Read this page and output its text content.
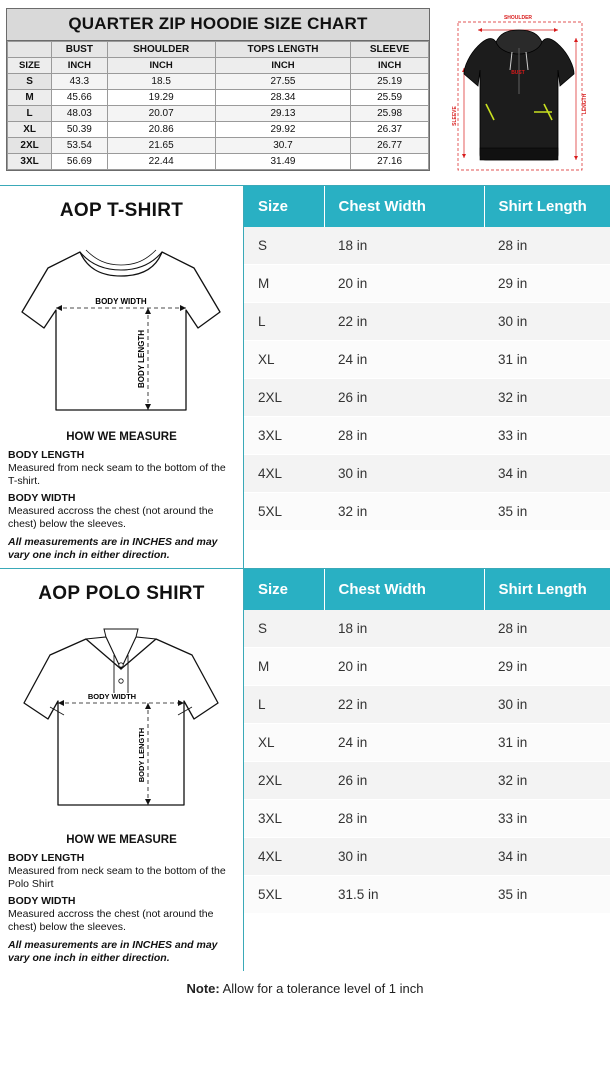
QUARTER ZIP HOODIE SIZE CHART
	BUST	SHOULDER	TOPS LENGTH	SLEEVE
SIZE	INCH	INCH	INCH	INCH
S	43.3	18.5	27.55	25.19
M	45.66	19.29	28.34	25.59
L	48.03	20.07	29.13	25.98
XL	50.39	20.86	29.92	26.37
2XL	53.54	21.65	30.7	26.77
3XL	56.69	22.44	31.49	27.16
SHOULDER
BUST
SLEEVE
LENGTH
AOP T-SHIRT
BODY WIDTH
BODY LENGTH
HOW WE MEASURE

BODY LENGTH
Measured from neck seam to the bottom of the T-shirt.

BODY WIDTH
Measured accross the chest (not around the chest) below the sleeves.

All measurements are in INCHES and may vary one inch in either direction.
Size	Chest Width	Shirt Length
S	18 in	28 in
M	20 in	29 in
L	22 in	30 in
XL	24 in	31 in
2XL	26 in	32 in
3XL	28 in	33 in
4XL	30 in	34 in
5XL	32 in	35 in
AOP POLO SHIRT
BODY WIDTH
BODY LENGTH
HOW WE MEASURE

BODY LENGTH
Measured from neck seam to the bottom of the Polo Shirt

BODY WIDTH
Measured accross the chest (not around the chest) below the sleeves.

All measurements are in INCHES and may vary one inch in either direction.
Size	Chest Width	Shirt Length
S	18 in	28 in
M	20 in	29 in
L	22 in	30 in
XL	24 in	31 in
2XL	26 in	32 in
3XL	28 in	33 in
4XL	30 in	34 in
5XL	31.5 in	35 in
Note: Allow for a tolerance level of 1 inch
